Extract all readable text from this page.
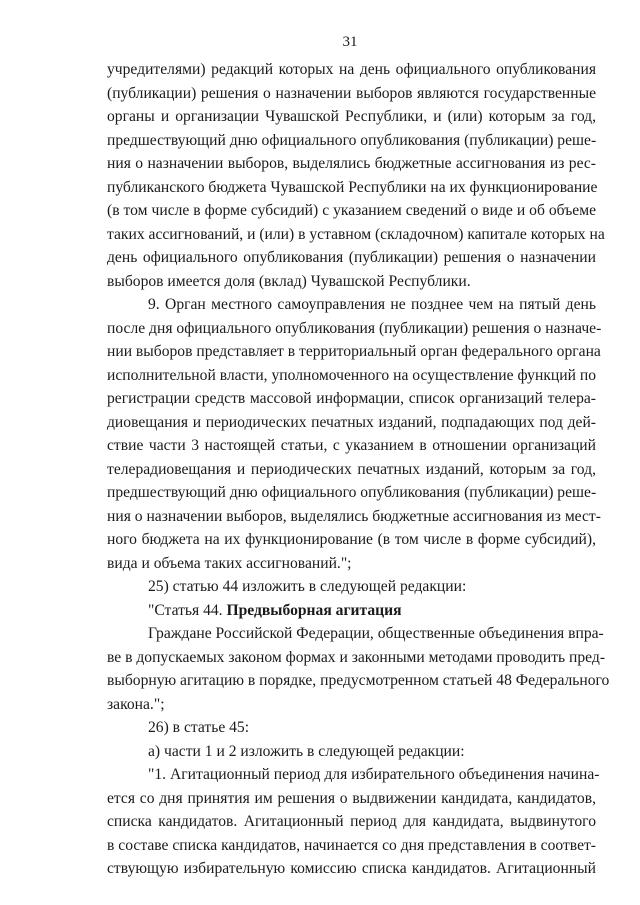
31
учредителями) редакций которых на день официального опубликования
(публикации) решения о назначении выборов являются государственные
органы и организации Чувашской Республики, и (или) которым за год,
предшествующий дню официального опубликования (публикации) реше-
ния о назначении выборов, выделялись бюджетные ассигнования из рес-
публиканского бюджета Чувашской Республики на их функционирование
(в том числе в форме субсидий) с указанием сведений о виде и об объеме
таких ассигнований, и (или) в уставном (складочном) капитале которых на
день официального опубликования (публикации) решения о назначении
выборов имеется доля (вклад) Чувашской Республики.
9. Орган местного самоуправления не позднее чем на пятый день
после дня официального опубликования (публикации) решения о назначе-
нии выборов представляет в территориальный орган федерального органа
исполнительной власти, уполномоченного на осуществление функций по
регистрации средств массовой информации, список организаций телера-
диовещания и периодических печатных изданий, подпадающих под дей-
ствие части 3 настоящей статьи, с указанием в отношении организаций
телерадиовещания и периодических печатных изданий, которым за год,
предшествующий дню официального опубликования (публикации) реше-
ния о назначении выборов, выделялись бюджетные ассигнования из мест-
ного бюджета на их функционирование (в том числе в форме субсидий),
вида и объема таких ассигнований.";
25) статью 44 изложить в следующей редакции:
"Статья 44. Предвыборная агитация
Граждане Российской Федерации, общественные объединения впра-
ве в допускаемых законом формах и законными методами проводить пред-
выборную агитацию в порядке, предусмотренном статьей 48 Федерального
закона.";
26) в статье 45:
а) части 1 и 2 изложить в следующей редакции:
"1. Агитационный период для избирательного объединения начина-
ется со дня принятия им решения о выдвижении кандидата, кандидатов,
списка кандидатов. Агитационный период для кандидата, выдвинутого
в составе списка кандидатов, начинается со дня представления в соответ-
ствующую избирательную комиссию списка кандидатов. Агитационный
